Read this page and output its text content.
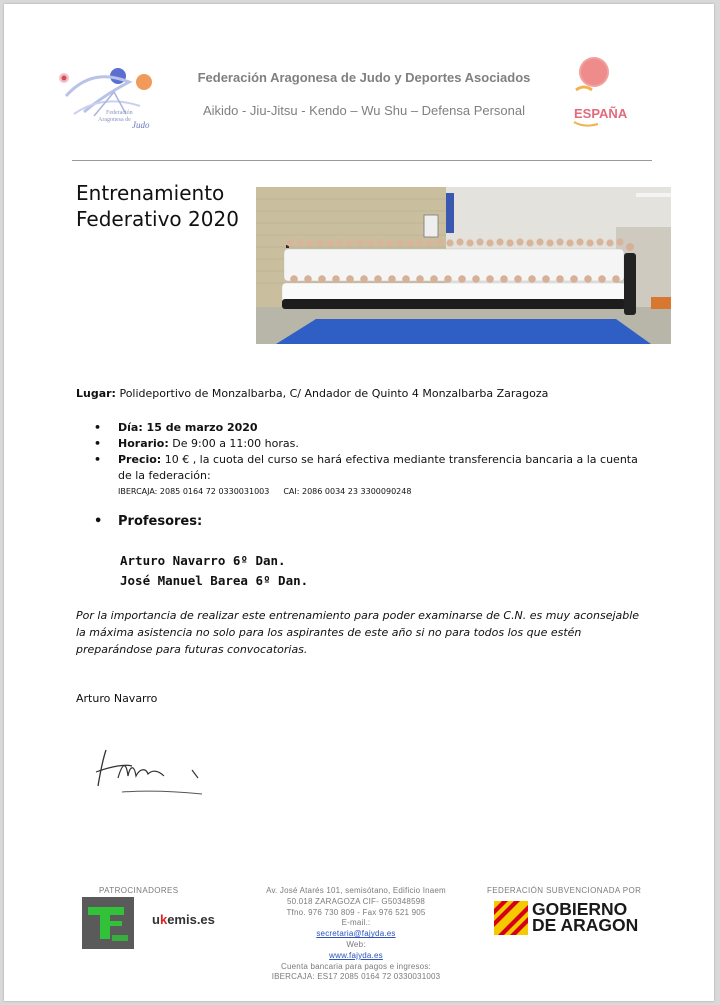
Federación
Aragonesa de Judo
Federación Aragonesa de Judo y Deportes Asociados
Aikido - Jiu-Jitsu - Kendo – Wu Shu – Defensa Personal	ESPAÑA
Entrenamiento
Federativo 2020
Lugar: Polideportivo de Monzalbarba, C/ Andador de Quinto 4 Monzalbarba Zaragoza
• Día: 15 de marzo 2020
• Horario: De 9:00 a 11:00 horas.
• Precio: 10 € , la cuota del curso se hará efectiva mediante transferencia bancaria a la cuenta de la federación:
IBERCAJA: 2085 0164 72 0330031003 CAI: 2086 0034 23 3300090248
• Profesores:
Arturo Navarro 6º Dan.
José Manuel Barea 6º Dan.
Por la importancia de realizar este entrenamiento para poder examinarse de C.N. es muy aconsejable la máxima asistencia no solo para los aspirantes de este año si no para todos los que estén preparándose para futuras convocatorias.
Arturo Navarro
PATROCINADORES
ukemis.es
Av. José Atarés 101, semisótano, Edificio Inaem
50.018 ZARAGOZA CIF- G50348598
Tfno. 976 730 809 - Fax 976 521 905
E-mail.:
secretaria@fajyda.es
Web:
www.fajyda.es
Cuenta bancaria para pagos e ingresos:
IBERCAJA: ES17 2085 0164 72 0330031003
FEDERACIÓN SUBVENCIONADA POR
GOBIERNO
DE ARAGON
